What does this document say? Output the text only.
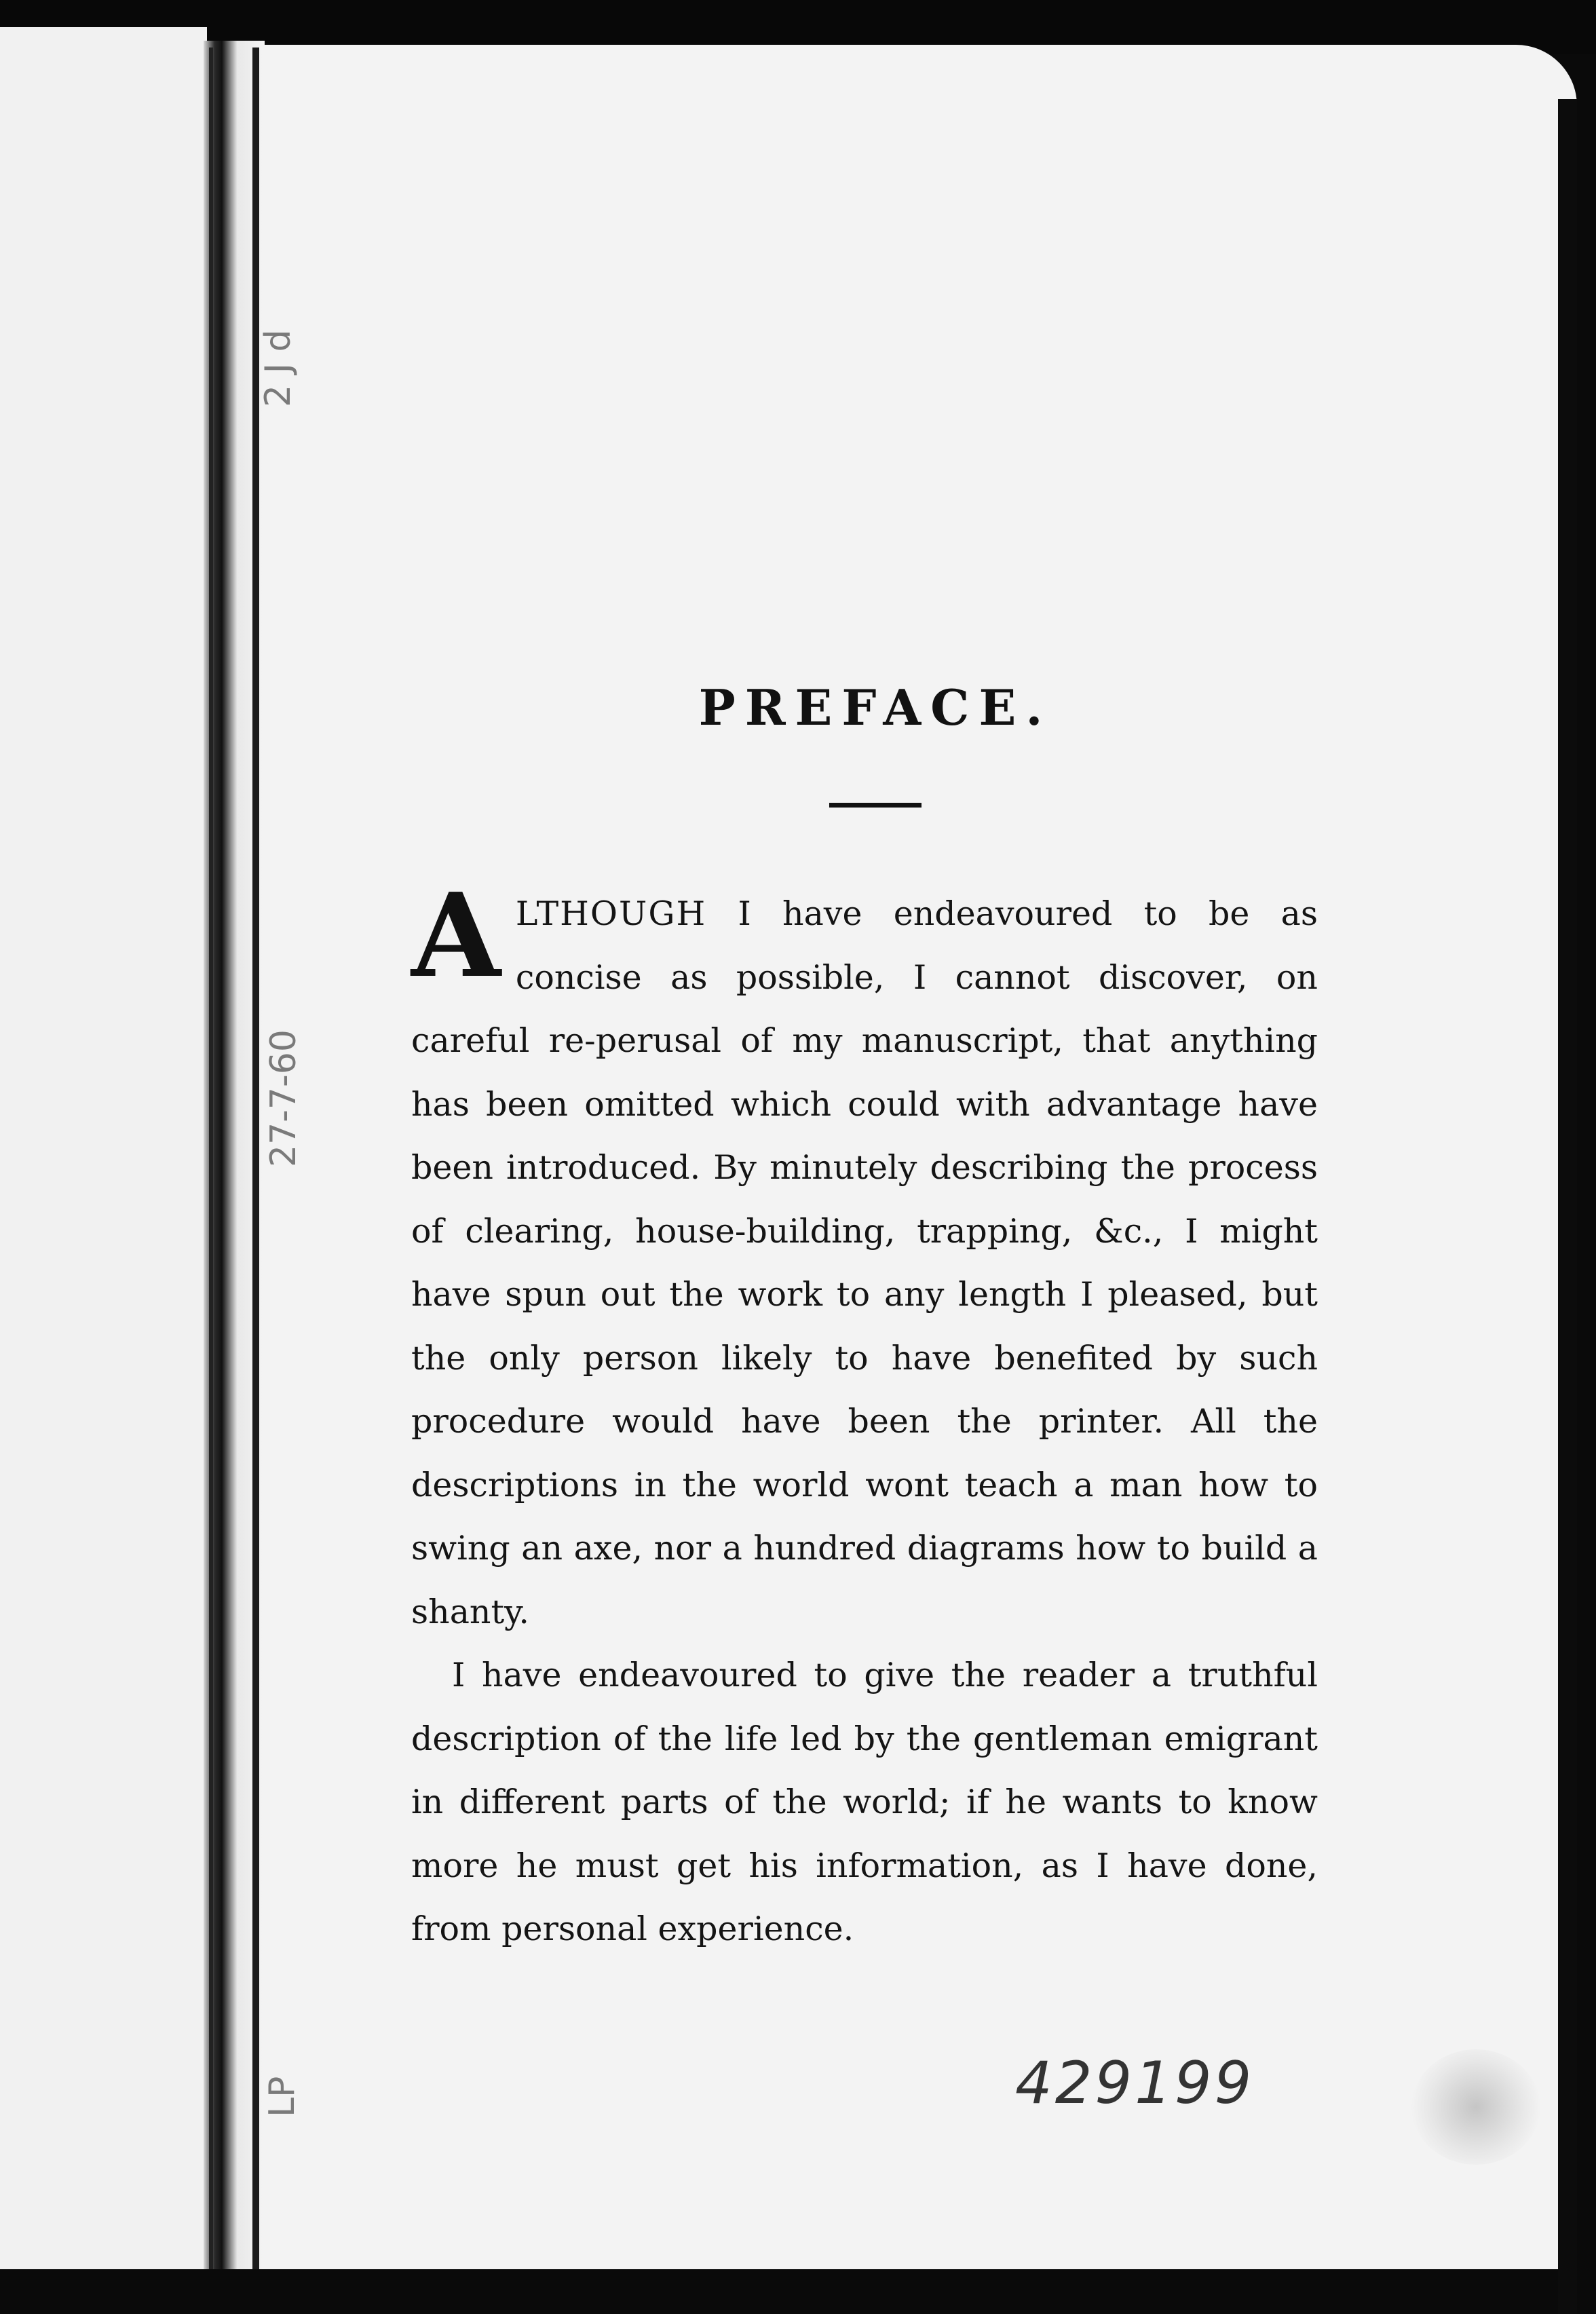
2 J d
27-7-60
LP
PREFACE.

ALTHOUGH I have endeavoured to be as concise as possible, I cannot discover, on careful re-perusal of my manuscript, that anything has been omitted which could with advantage have been introduced. By minutely describing the process of clearing, house-building, trapping, &c., I might have spun out the work to any length I pleased, but the only person likely to have benefited by such procedure would have been the printer. All the descriptions in the world wont teach a man how to swing an axe, nor a hundred diagrams how to build a shanty.

I have endeavoured to give the reader a truthful description of the life led by the gentleman emigrant in different parts of the world; if he wants to know more he must get his information, as I have done, from personal experience.

429199
